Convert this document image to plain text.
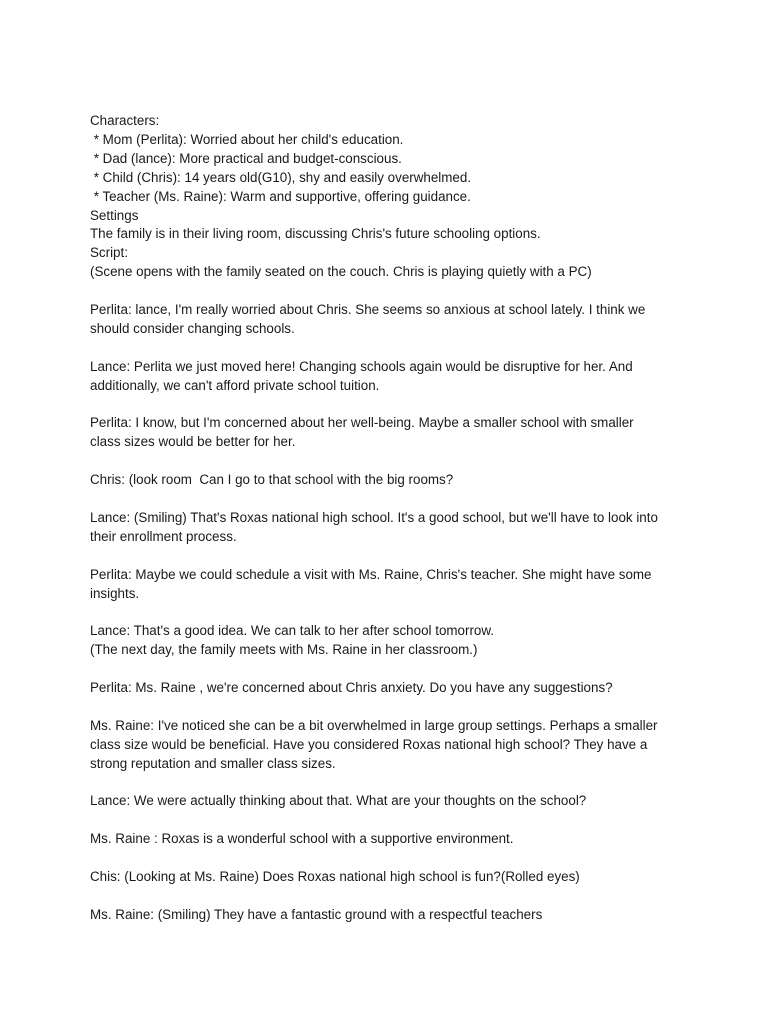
Characters:
* Mom (Perlita): Worried about her child's education.
* Dad (lance): More practical and budget-conscious.
* Child (Chris): 14 years old(G10), shy and easily overwhelmed.
* Teacher (Ms. Raine): Warm and supportive, offering guidance.
Settings
The family is in their living room, discussing Chris's future schooling options.
Script:
(Scene opens with the family seated on the couch. Chris is playing quietly with a PC)
Perlita: lance, I'm really worried about Chris. She seems so anxious at school lately. I think we
should consider changing schools.
Lance: Perlita we just moved here! Changing schools again would be disruptive for her. And
additionally, we can't afford private school tuition.
Perlita: I know, but I'm concerned about her well-being. Maybe a smaller school with smaller
class sizes would be better for her.
Chris: (look room  Can I go to that school with the big rooms?
Lance: (Smiling) That's Roxas national high school. It's a good school, but we'll have to look into
their enrollment process.
Perlita: Maybe we could schedule a visit with Ms. Raine, Chris's teacher. She might have some
insights.
Lance: That's a good idea. We can talk to her after school tomorrow.
(The next day, the family meets with Ms. Raine in her classroom.)
Perlita: Ms. Raine , we're concerned about Chris anxiety. Do you have any suggestions?
Ms. Raine: I've noticed she can be a bit overwhelmed in large group settings. Perhaps a smaller
class size would be beneficial. Have you considered Roxas national high school? They have a
strong reputation and smaller class sizes.
Lance: We were actually thinking about that. What are your thoughts on the school?
Ms. Raine : Roxas is a wonderful school with a supportive environment.
Chis: (Looking at Ms. Raine) Does Roxas national high school is fun?(Rolled eyes)
Ms. Raine: (Smiling) They have a fantastic ground with a respectful teachers
